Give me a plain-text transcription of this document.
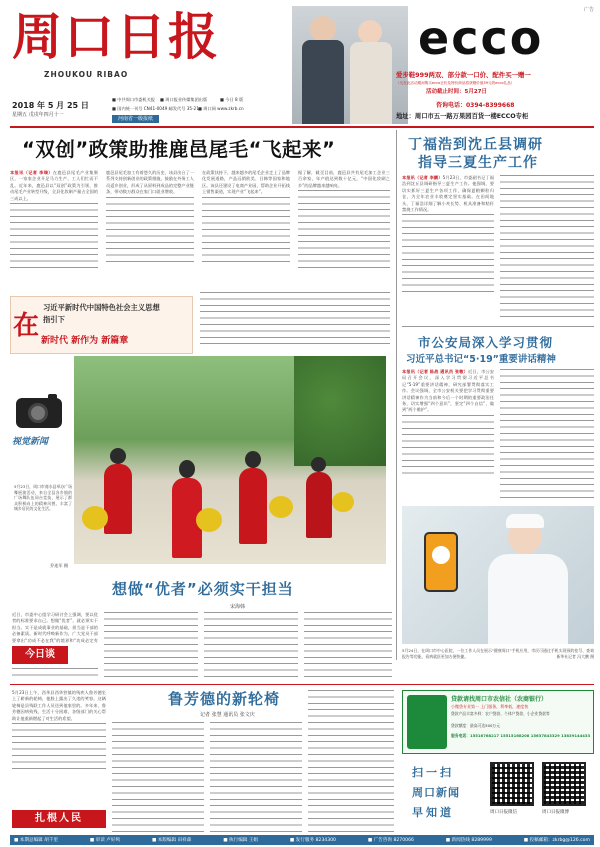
周口日报
ZHOUKOU RIBAO
2018 年 5 月 25 日
星期五 戊戌年四月十一
■ 中共周口市委机关报 ■ 周口报业传媒集团出版	■ 今日 8 版
■ 国内统一刊号 CN41-0049 邮发代号 35-21 ■ 周口网 www.zkrb.cn
河南省一级报纸
广告
ecco
爱步鞋999两双、部分款一口价、配件买一赠一
（凡在此活动期间购买ecco正价及特价商品将获赠价值39元的ecco礼品）
活动截止时间：5月27日
咨询电话：0394-8399668
地址：周口市五一路万果园百货一楼ECCO专柜
“双创”政策助推鹿邑尾毛“飞起来”
本报讯（记者 李瑞）在鹿邑县尾毛产业集聚区，一家家企业开足马力生产，工人们忙而不乱。近年来，鹿邑县以“双创”政策为引领，推动尾毛产业转型升级，全县化妆刷产量占全国的三成以上。
鹿邑县尾毛加工有着悠久的历史，该县出台了一系列支持创新创业的政策措施，鼓励在外务工人员返乡创业，形成了从原料到成品的完整产业链条，带动数万群众在家门口就业增收。
在政策扶持下，越来越多的尾毛企业走上了品牌化发展道路，产品远销欧美、日韩等国家和地区。该县还建设了电商产业园，帮助企业开拓线上销售渠道，实现产业“飞起来”。
据了解，截至目前，鹿邑县共有尾毛加工企业三百余家，年产值达到数十亿元，“中国化妆刷之乡”的品牌越来越响亮。
在
习近平新时代中国特色社会主义思想
指引下
新时代 新作为 新篇章
丁福浩到沈丘县调研
指导三夏生产工作
本报讯（记者 李鹏）5月23日，市委副书记丁福浩到沈丘县调研指导三夏生产工作。他强调，要切实抓好三夏生产各项工作，确保夏粮颗粒归仓，为全年农业丰收奠定坚实基础。在田间地头，丁福浩详细了解小麦长势、机具准备和秸秆禁烧工作情况。
市公安局深入学习贯彻
习近平总书记“5·19”重要讲话精神
本报讯（记者 陈战 通讯员 张敏）近日，市公安局召开会议，深入学习贯彻习近平总书记“5·19”重要讲话精神，研究部署贯彻落实工作。会议强调，全市公安机关要把学习贯彻重要讲话精神作为当前和今后一个时期的重要政治任务，切实增强“四个意识”，坚定“四个自信”，做到“两个维护”。
5月24日，在周口市中心医院，一位工作人员在展示“健康周口”手机应用，市民可通过手机实现预约挂号、查询报告等功能，看病就医更加方便快捷。	新华社记者 冯大鹏 摄
视觉新闻
5月23日，周口市商水县举办广场舞展演活动，来自全县各乡镇的广场舞队伍同台竞技，展示了群众积极向上的精神风貌，丰富了城乡居民的文化生活。
乔连军 摄
想做“优者”必须实干担当
宋海韩
今日谈
近日，市委中心组学习研讨会上强调，要以优者的标准要求自己。想做“优者”，就必须实干担当。实干是成就事业的基础，担当是干部的必备素质。新时代呼唤新作为，广大党员干部要拿出“功成不必在我”的境界和“功成必定有
5月23日上午，西华县西华营镇的残疾人鲁芳德坐上了崭新的轮椅，他脸上露出了久违的笑容。这辆轮椅是县残联工作人员送到他家里的。多年来，鲁芳德因病致残，生活十分困难，各级部门的关心帮助让他重新燃起了对生活的希望。
扎根人民
鲁芳德的新轮椅
记者 张慧 通讯员 张文庆
贷款请找周口市农信社（农商银行）
小微贷专业第一 上门服务，利率低，速度快
贷款产品丰富多样：农户贷款、个体户贷款、小企业贷款等
贷款额度：最高可达500万元
服务电话：15516768217 15515168208 15637843329 13839144433
扫一扫
周口新闻
早知道	周口日报微信	周口日报微博
■ 本期总编辑 胡千里	■ 审读 卢好鸣	■ 本版编辑 田祥森	■ 执行编辑 王娟	■ 发行服务 8234300	■ 广告咨询 8270066	■ 新闻热线 8289999	■ 投稿邮箱：zkrbg@126.com
